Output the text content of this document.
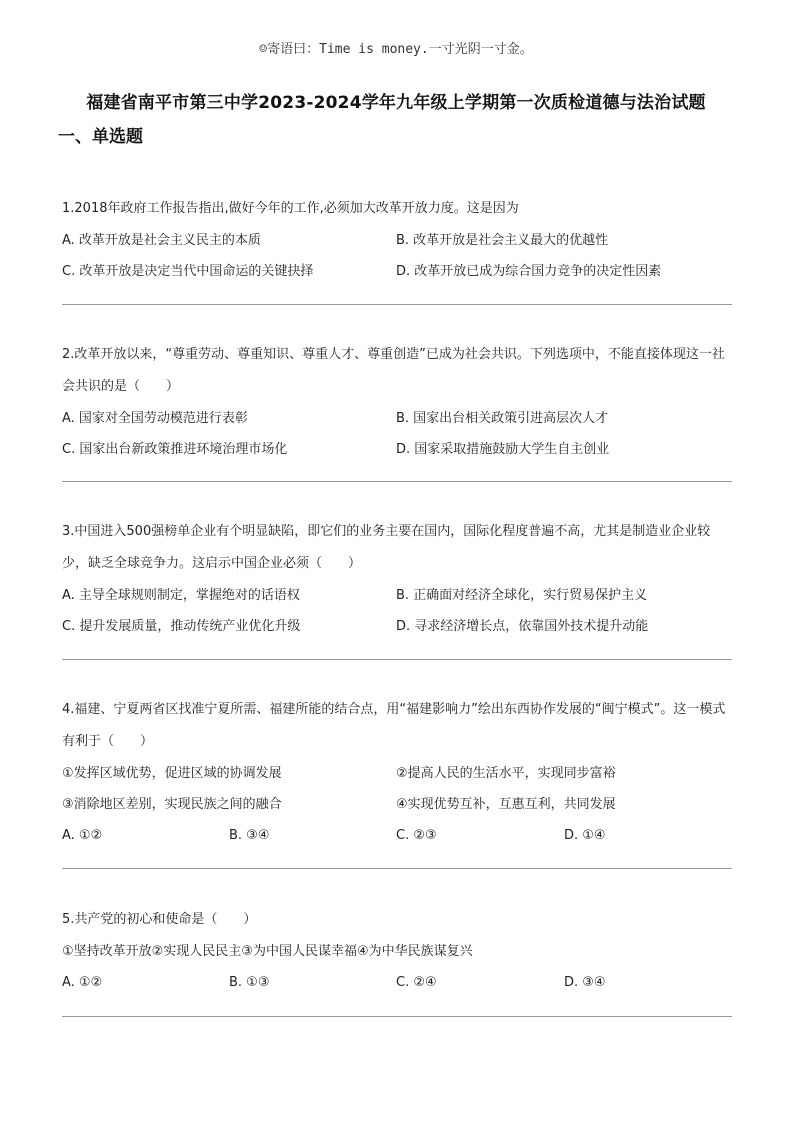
☺寄语曰：Time is money.一寸光阴一寸金。
福建省南平市第三中学2023-2024学年九年级上学期第一次质检道德与法治试题
一、单选题

1.2018年政府工作报告指出,做好今年的工作,必须加大改革开放力度。这是因为

A. 改革开放是社会主义民主的本质	B. 改革开放是社会主义最大的优越性
C. 改革开放是决定当代中国命运的关键抉择	D. 改革开放已成为综合国力竞争的决定性因素

2.改革开放以来，“尊重劳动、尊重知识、尊重人才、尊重创造”已成为社会共识。下列选项中，不能直接体现这一社会共识的是（　　）

A. 国家对全国劳动模范进行表彰	B. 国家出台相关政策引进高层次人才
C. 国家出台新政策推进环境治理市场化	D. 国家采取措施鼓励大学生自主创业

3.中国进入500强榜单企业有个明显缺陷，即它们的业务主要在国内，国际化程度普遍不高，尤其是制造业企业较少，缺乏全球竞争力。这启示中国企业必须（　　）

A. 主导全球规则制定，掌握绝对的话语权	B. 正确面对经济全球化，实行贸易保护主义
C. 提升发展质量，推动传统产业优化升级	D. 寻求经济增长点，依靠国外技术提升动能

4.福建、宁夏两省区找准宁夏所需、福建所能的结合点，用“福建影响力”绘出东西协作发展的“闽宁模式”。这一模式有利于（　　）

①发挥区域优势，促进区域的协调发展	②提高人民的生活水平，实现同步富裕
③消除地区差别，实现民族之间的融合	④实现优势互补，互惠互利，共同发展
A. ①②	B. ③④	C. ②③	D. ①④

5.共产党的初心和使命是（　　）

①坚持改革开放②实现人民民主③为中国人民谋幸福④为中华民族谋复兴
A. ①②	B. ①③	C. ②④	D. ③④
